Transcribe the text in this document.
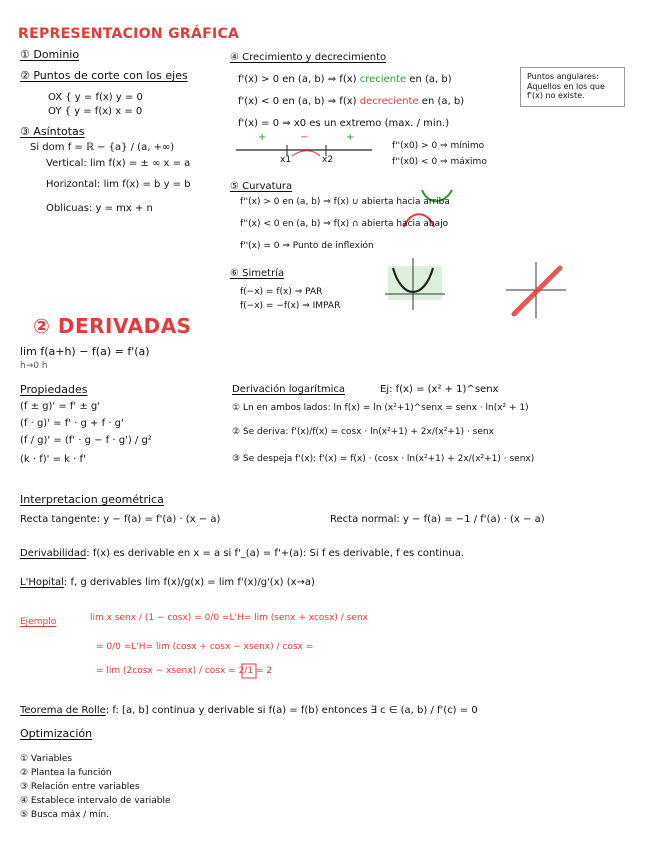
REPRESENTACION GRÁFICA
① Dominio
② Puntos de corte con los ejes
OX { y = f(x) y = 0
OY { y = f(x) x = 0
③ Asíntotas
Si dom f = ℝ − {a} / (a, +∞)
Vertical: lim f(x) = ± ∞ x = a
Horizontal: lim f(x) = b y = b
Oblicuas: y = mx + n
④ Crecimiento y decrecimiento
f'(x) > 0 en (a, b) ⇒ f(x) creciente en (a, b)
f'(x) < 0 en (a, b) ⇒ f(x) decreciente en (a, b)
f'(x) = 0 ⇒ x0 es un extremo (max. / min.)
Puntos angulares: Aquellos en los que f'(x) no existe.
+	−	+
x1	x2
f''(x0) > 0 ⇒ mínimo
f''(x0) < 0 ⇒ máximo
⑤ Curvatura
f''(x) > 0 en (a, b) ⇒ f(x) ∪ abierta hacia arriba
f''(x) < 0 en (a, b) ⇒ f(x) ∩ abierta hacia abajo
f''(x) = 0 ⇒ Punto de inflexión
⑥ Simetría
f(−x) = f(x) ⇒ PAR
f(−x) = −f(x) ⇒ IMPAR
② DERIVADAS
lim f(a+h) − f(a) = f'(a)
h→0 h
Propiedades
(f ± g)' = f' ± g'
(f · g)' = f' · g + f · g'
(f / g)' = (f' · g − f · g') / g²
(k · f)' = k · f'
Derivación logarítmica	Ej: f(x) = (x² + 1)^senx
① Ln en ambos lados: ln f(x) = ln (x²+1)^senx = senx · ln(x² + 1)
② Se deriva: f'(x)/f(x) = cosx · ln(x²+1) + 2x/(x²+1) · senx
③ Se despeja f'(x): f'(x) = f(x) · (cosx · ln(x²+1) + 2x/(x²+1) · senx)
Interpretacion geométrica
Recta tangente: y − f(a) = f'(a) · (x − a)	Recta normal: y − f(a) = −1 / f'(a) · (x − a)
Derivabilidad: f(x) es derivable en x = a si f'_(a) = f'+(a): Si f es derivable, f es continua.
L'Hopital: f, g derivables lim f(x)/g(x) = lim f'(x)/g'(x) (x→a)
Ejemplo	lim x senx / (1 − cosx) = 0/0 =L'H= lim (senx + xcosx) / senx
= 0/0 =L'H= lim (cosx + cosx − xsenx) / cosx =
= lim (2cosx − xsenx) / cosx = 2/1 = 2
Teorema de Rolle: f: [a, b] continua y derivable si f(a) = f(b) entonces ∃ c ∈ (a, b) / f'(c) = 0
Optimización
① Variables
② Plantea la función
③ Relación entre variables
④ Establece intervalo de variable
⑤ Busca máx / mín.
